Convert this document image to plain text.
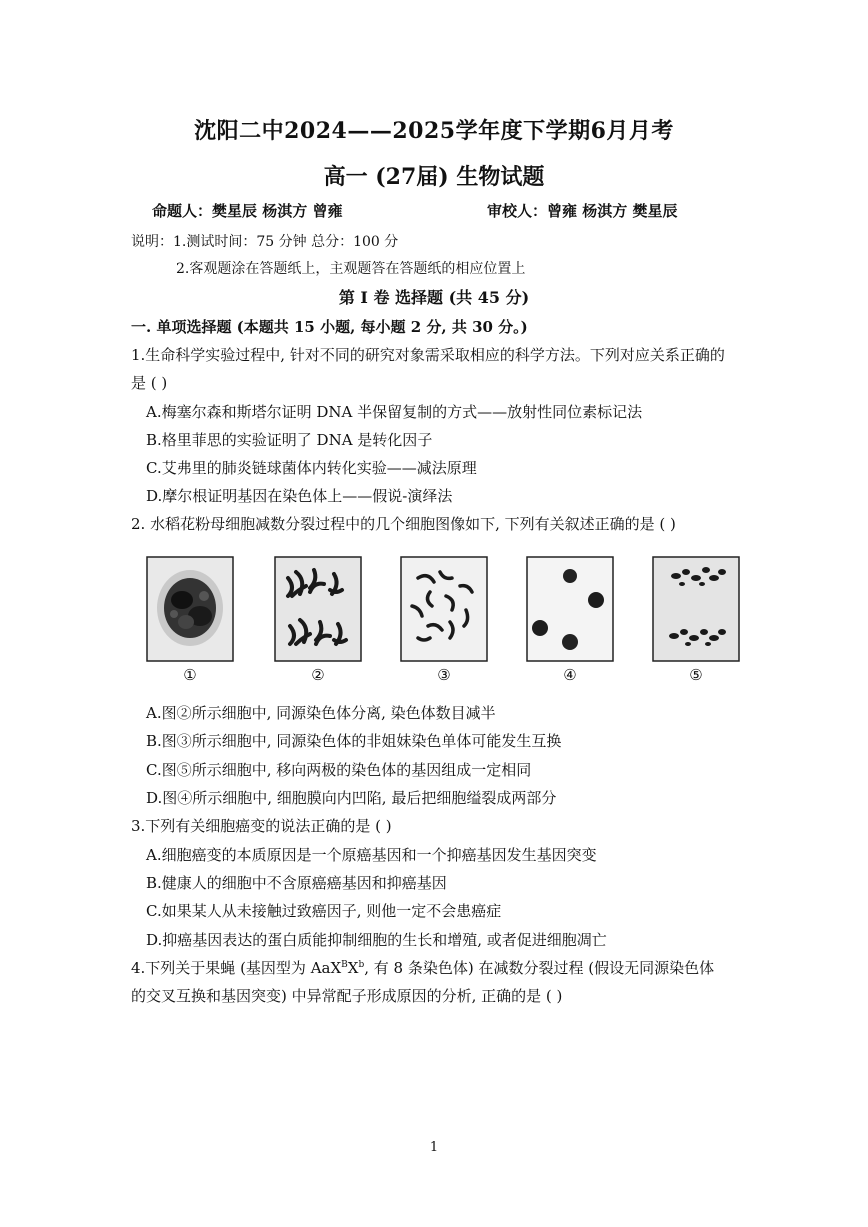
沈阳二中2024——2025学年度下学期6月月考
高一 (27届) 生物试题
命题人：樊星辰 杨淇方 曾雍	审校人：曾雍 杨淇方 樊星辰
说明：1.测试时间：75 分钟 总分：100 分
2.客观题涂在答题纸上，主观题答在答题纸的相应位置上
第 I 卷 选择题 (共 45 分)
一. 单项选择题 (本题共 15 小题, 每小题 2 分, 共 30 分。)
1.生命科学实验过程中, 针对不同的研究对象需采取相应的科学方法。下列对应关系正确的
是 ( )
A.梅塞尔森和斯塔尔证明 DNA 半保留复制的方式——放射性同位素标记法
B.格里菲思的实验证明了 DNA 是转化因子
C.艾弗里的肺炎链球菌体内转化实验——减法原理
D.摩尔根证明基因在染色体上——假说-演绎法
2. 水稻花粉母细胞减数分裂过程中的几个细胞图像如下, 下列有关叙述正确的是 ( )
①	②	③	④	⑤
A.图②所示细胞中, 同源染色体分离, 染色体数目减半
B.图③所示细胞中, 同源染色体的非姐妹染色单体可能发生互换
C.图⑤所示细胞中, 移向两极的染色体的基因组成一定相同
D.图④所示细胞中, 细胞膜向内凹陷, 最后把细胞缢裂成两部分
3.下列有关细胞癌变的说法正确的是 ( )
A.细胞癌变的本质原因是一个原癌基因和一个抑癌基因发生基因突变
B.健康人的细胞中不含原癌癌基因和抑癌基因
C.如果某人从未接触过致癌因子, 则他一定不会患癌症
D.抑癌基因表达的蛋白质能抑制细胞的生长和增殖, 或者促进细胞凋亡
4.下列关于果蝇 (基因型为 $AaX^BX^b$, 有 8 条染色体) 在减数分裂过程 (假设无同源染色体
的交叉互换和基因突变) 中异常配子形成原因的分析, 正确的是 ( )
1
